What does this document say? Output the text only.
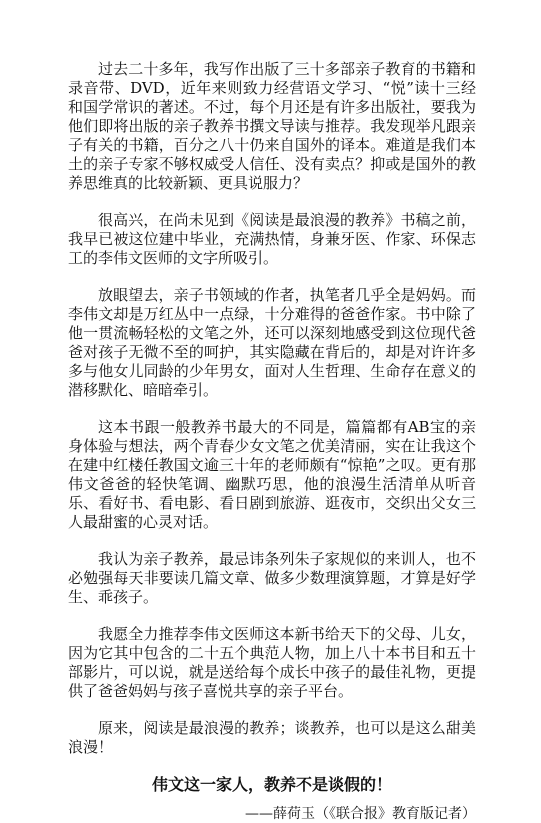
过去二十多年，我写作出版了三十多部亲子教育的书籍和录音带、DVD，近年来则致力经营语文学习、“悦”读十三经和国学常识的著述。不过，每个月还是有许多出版社，要我为他们即将出版的亲子教养书撰文导读与推荐。我发现举凡跟亲子有关的书籍，百分之八十仍来自国外的译本。难道是我们本土的亲子专家不够权威受人信任、没有卖点？抑或是国外的教养思维真的比较新颖、更具说服力？

很高兴，在尚未见到《阅读是最浪漫的教养》书稿之前，我早已被这位建中毕业，充满热情，身兼牙医、作家、环保志工的李伟文医师的文字所吸引。

放眼望去，亲子书领域的作者，执笔者几乎全是妈妈。而李伟文却是万红丛中一点绿，十分难得的爸爸作家。书中除了他一贯流畅轻松的文笔之外，还可以深刻地感受到这位现代爸爸对孩子无微不至的呵护，其实隐藏在背后的，却是对许许多多与他女儿同龄的少年男女，面对人生哲理、生命存在意义的潜移默化、暗暗牵引。

这本书跟一般教养书最大的不同是，篇篇都有AB宝的亲身体验与想法，两个青春少女文笔之优美清丽，实在让我这个在建中红楼任教国文逾三十年的老师颇有“惊艳”之叹。更有那伟文爸爸的轻快笔调、幽默巧思，他的浪漫生活清单从听音乐、看好书、看电影、看日剧到旅游、逛夜市，交织出父女三人最甜蜜的心灵对话。

我认为亲子教养，最忌讳条列朱子家规似的来训人，也不必勉强每天非要读几篇文章、做多少数理演算题，才算是好学生、乖孩子。

我愿全力推荐李伟文医师这本新书给天下的父母、儿女，因为它其中包含的二十五个典范人物，加上八十本书目和五十部影片，可以说，就是送给每个成长中孩子的最佳礼物，更提供了爸爸妈妈与孩子喜悦共享的亲子平台。

原来，阅读是最浪漫的教养；谈教养，也可以是这么甜美浪漫！

伟文这一家人，教养不是谈假的！

——薛荷玉（《联合报》教育版记者）
